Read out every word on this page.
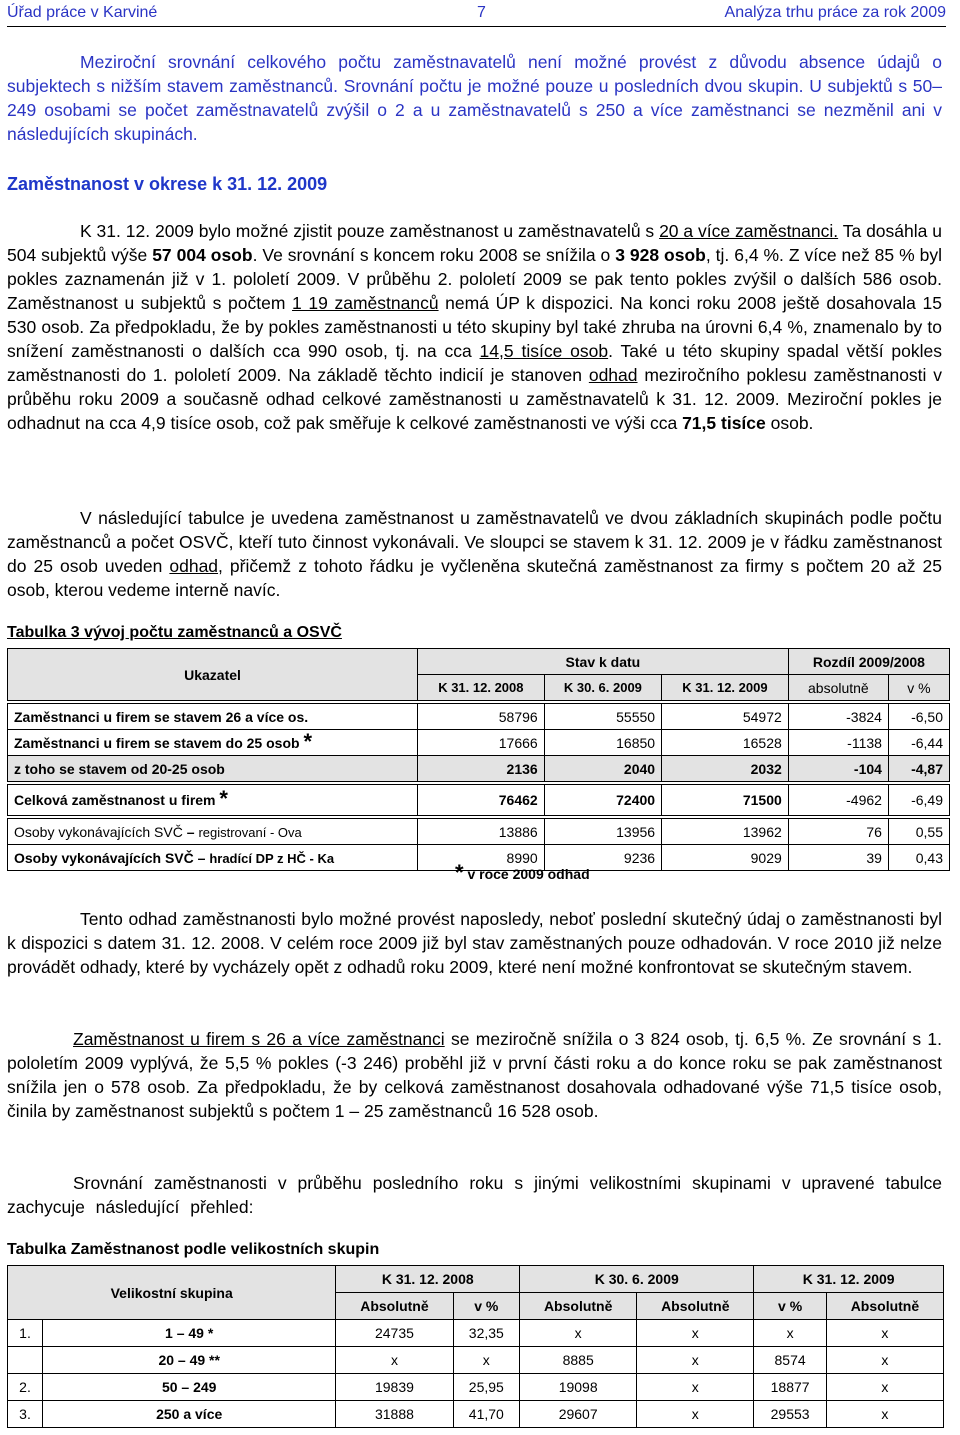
Úřad práce v Karviné	7	Analýza trhu práce za rok 2009
Meziroční srovnání celkového počtu zaměstnavatelů není možné provést z důvodu absence údajů o subjektech s nižším stavem zaměstnanců. Srovnání počtu je možné pouze u posledních dvou skupin. U subjektů s 50–249 osobami se počet zaměstnavatelů zvýšil o 2 a u zaměstnavatelů s 250 a více zaměstnanci se nezměnil ani v následujících skupinách.
Zaměstnanost v okrese k 31. 12. 2009
K 31. 12. 2009 bylo možné zjistit pouze zaměstnanost u zaměstnavatelů s 20 a více zaměstnanci. Ta dosáhla u 504 subjektů výše 57 004 osob. Ve srovnání s koncem roku 2008 se snížila o 3 928 osob, tj. 6,4 %. Z více než 85 % byl pokles zaznamenán již v 1. pololetí 2009. V průběhu 2. pololetí 2009 se pak tento pokles zvýšil o dalších 586 osob. Zaměstnanost u subjektů s počtem 1 19 zaměstnanců nemá ÚP k dispozici. Na konci roku 2008 ještě dosahovala 15 530 osob. Za předpokladu, že by pokles zaměstnanosti u této skupiny byl také zhruba na úrovni 6,4 %, znamenalo by to snížení zaměstnanosti o dalších cca 990 osob, tj. na cca 14,5 tisíce osob. Také u této skupiny spadal větší pokles zaměstnanosti do 1. pololetí 2009. Na základě těchto indicií je stanoven odhad meziročního poklesu zaměstnanosti v průběhu roku 2009 a současně odhad celkové zaměstnanosti u zaměstnavatelů k 31. 12. 2009. Meziroční pokles je odhadnut na cca 4,9 tisíce osob, což pak směřuje k celkové zaměstnanosti ve výši cca 71,5 tisíce osob.
V následující tabulce je uvedena zaměstnanost u zaměstnavatelů ve dvou základních skupinách podle počtu zaměstnanců a počet OSVČ, kteří tuto činnost vykonávali. Ve sloupci se stavem k 31. 12. 2009 je v řádku zaměstnanost do 25 osob uveden odhad, přičemž z tohoto řádku je vyčleněna skutečná zaměstnanost za firmy s počtem 20 až 25 osob, kterou vedeme interně navíc.
Tabulka 3 vývoj počtu zaměstnanců a OSVČ
Ukazatel	Stav k datu			Rozdíl 2009/2008	
	K 31. 12. 2008	K 30. 6. 2009	K 31. 12. 2009	absolutně	v %

Zaměstnanci u firem se stavem 26 a více os.	58796	55550	54972	-3824	-6,50
Zaměstnanci u firem se stavem do 25 osob *	17666	16850	16528	-1138	-6,44
z toho se stavem od 20-25 osob	2136	2040	2032	-104	-4,87

Celková zaměstnanost u firem *	76462	72400	71500	-4962	-6,49

Osoby vykonávajících SVČ – registrovaní - Ova	13886	13956	13962	76	0,55
Osoby vykonávajících SVČ – hradící DP z HČ - Ka	8990	9236	9029	39	0,43
* v roce 2009 odhad
Tento odhad zaměstnanosti bylo možné provést naposledy, neboť poslední skutečný údaj o zaměstnanosti byl k dispozici s datem 31. 12. 2008. V celém roce 2009 již byl stav zaměstnaných pouze odhadován. V roce 2010 již nelze provádět odhady, které by vycházely opět z odhadů roku 2009, které není možné konfrontovat se skutečným stavem.
Zaměstnanost u firem s 26 a více zaměstnanci se meziročně snížila o 3 824 osob, tj. 6,5 %. Ze srovnání s 1. pololetím 2009 vyplývá, že 5,5 % pokles (-3 246) proběhl již v první části roku a do konce roku se pak zaměstnanost snížila jen o 578 osob. Za předpokladu, že by celková zaměstnanost dosahovala odhadované výše 71,5 tisíce osob, činila by zaměstnanost subjektů s počtem 1 – 25 zaměstnanců 16 528 osob.
Srovnání zaměstnanosti v průběhu posledního roku s jinými velikostními skupinami v upravené tabulce zachycuje následující přehled:
Tabulka Zaměstnanost podle velikostních skupin
Velikostní skupina		K 31. 12. 2008		K 30. 6. 2009		K 31. 12. 2009	
		Absolutně	v %	Absolutně	Absolutně	v %	Absolutně
1.	1 – 49 *	24735	32,35	x	x	x	x
	20 – 49 **	x	x	8885	x	8574	x
2.	50 – 249	19839	25,95	19098	x	18877	x
3.	250 a více	31888	41,70	29607	x	29553	x
